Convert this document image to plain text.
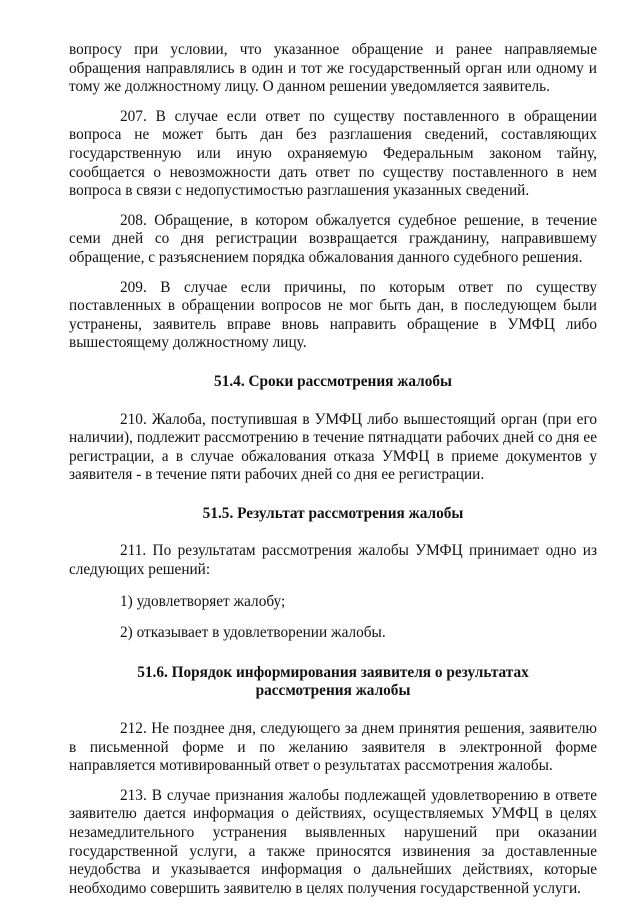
вопросу при условии, что указанное обращение и ранее направляемые обращения направлялись в один и тот же государственный орган или одному и тому же должностному лицу. О данном решении уведомляется заявитель.

207. В случае если ответ по существу поставленного в обращении вопроса не может быть дан без разглашения сведений, составляющих государственную или иную охраняемую Федеральным законом тайну, сообщается о невозможности дать ответ по существу поставленного в нем вопроса в связи с недопустимостью разглашения указанных сведений.

208. Обращение, в котором обжалуется судебное решение, в течение семи дней со дня регистрации возвращается гражданину, направившему обращение, с разъяснением порядка обжалования данного судебного решения.

209. В случае если причины, по которым ответ по существу поставленных в обращении вопросов не мог быть дан, в последующем были устранены, заявитель вправе вновь направить обращение в УМФЦ либо вышестоящему должностному лицу.

51.4. Сроки рассмотрения жалобы

210. Жалоба, поступившая в УМФЦ либо вышестоящий орган (при его наличии), подлежит рассмотрению в течение пятнадцати рабочих дней со дня ее регистрации, а в случае обжалования отказа УМФЦ в приеме документов у заявителя - в течение пяти рабочих дней со дня ее регистрации.

51.5. Результат рассмотрения жалобы

211. По результатам рассмотрения жалобы УМФЦ принимает одно из следующих решений:

1) удовлетворяет жалобу;

2) отказывает в удовлетворении жалобы.

51.6. Порядок информирования заявителя о результатах
рассмотрения жалобы

212. Не позднее дня, следующего за днем принятия решения, заявителю в письменной форме и по желанию заявителя в электронной форме направляется мотивированный ответ о результатах рассмотрения жалобы.

213. В случае признания жалобы подлежащей удовлетворению в ответе заявителю дается информация о действиях, осуществляемых УМФЦ в целях незамедлительного устранения выявленных нарушений при оказании государственной услуги, а также приносятся извинения за доставленные неудобства и указывается информация о дальнейших действиях, которые необходимо совершить заявителю в целях получения государственной услуги.
